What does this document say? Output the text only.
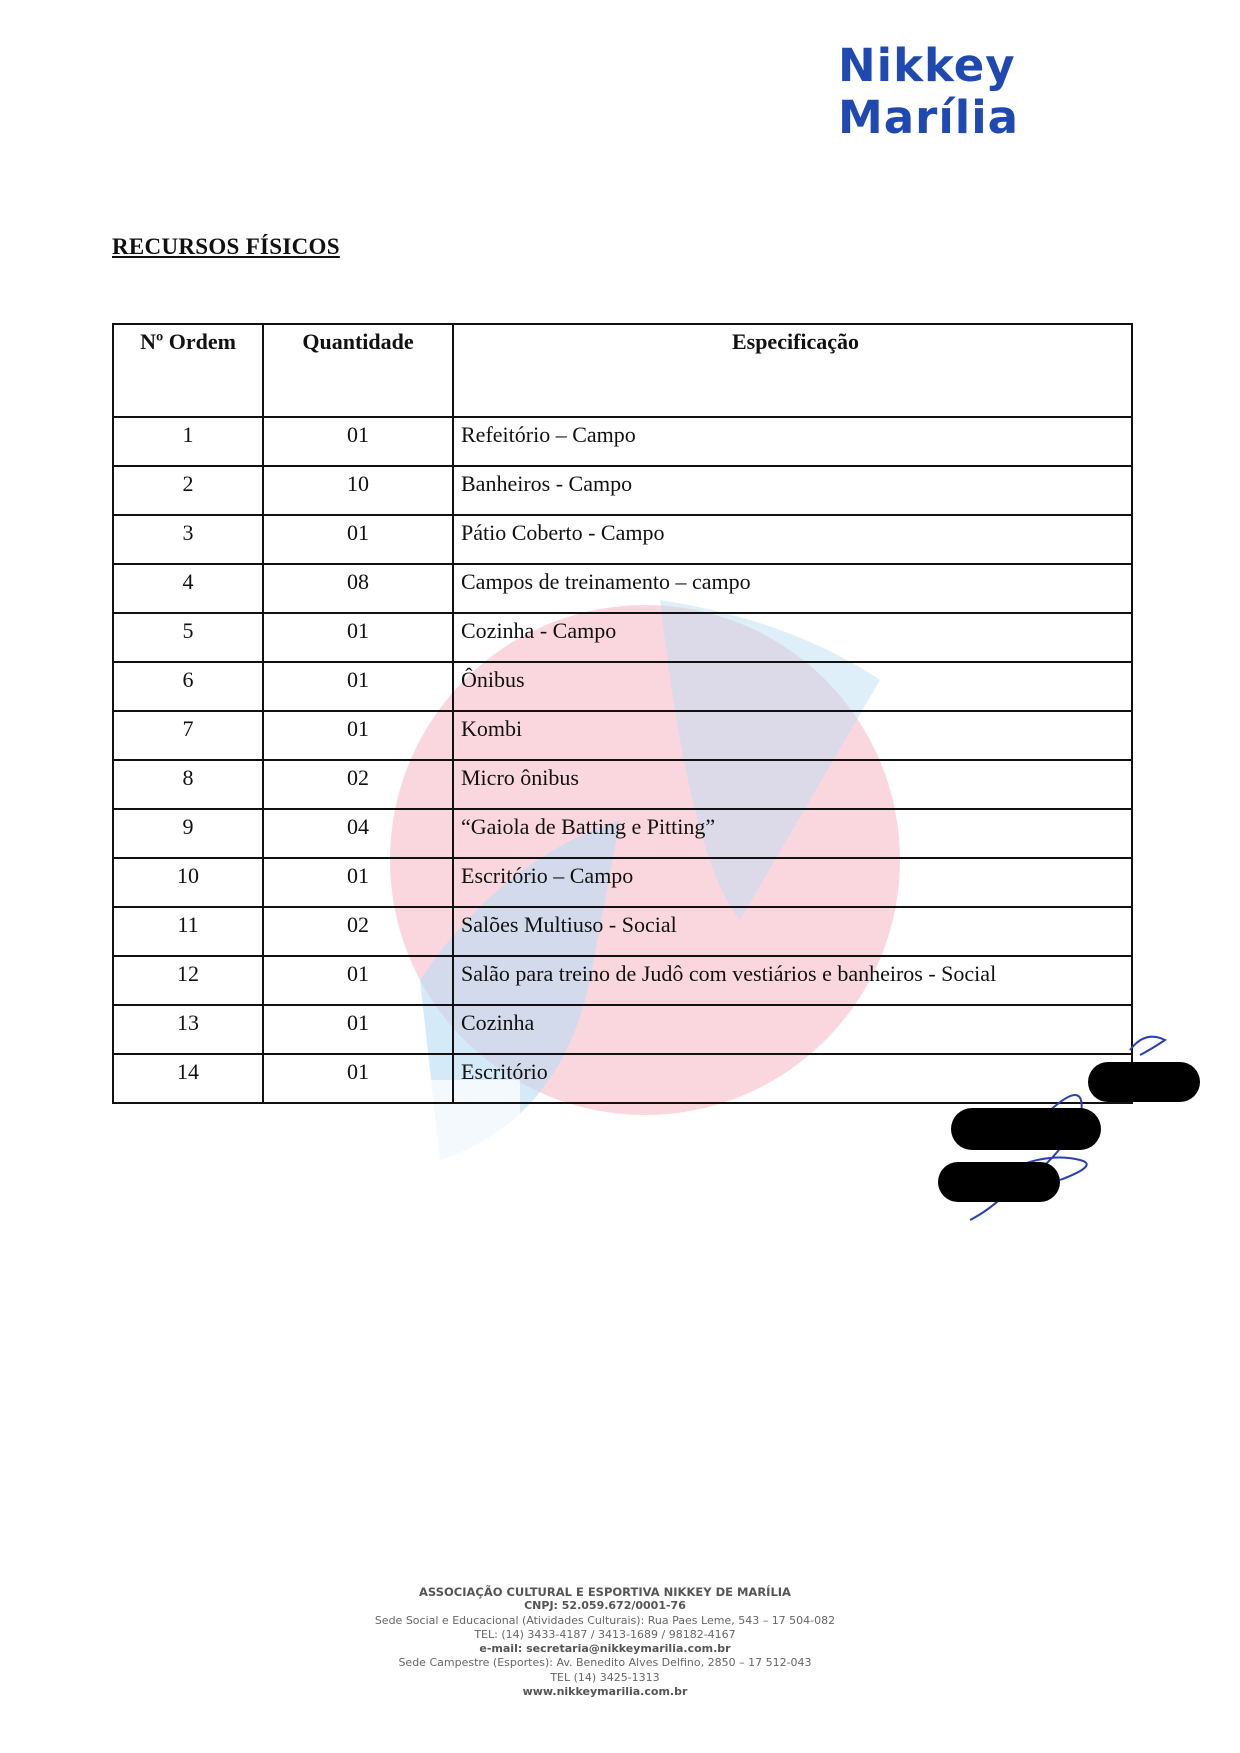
Nikkey
Marília
RECURSOS FÍSICOS
Nº Ordem	Quantidade	Especificação
1	01	Refeitório – Campo
2	10	Banheiros - Campo
3	01	Pátio Coberto - Campo
4	08	Campos de treinamento – campo
5	01	Cozinha - Campo
6	01	Ônibus
7	01	Kombi
8	02	Micro ônibus
9	04	“Gaiola de Batting e Pitting”
10	01	Escritório – Campo
11	02	Salões Multiuso - Social
12	01	Salão para treino de Judô com vestiários e banheiros - Social
13	01	Cozinha
14	01	Escritório
ASSOCIAÇÃO CULTURAL E ESPORTIVA NIKKEY DE MARÍLIA
CNPJ: 52.059.672/0001-76
Sede Social e Educacional (Atividades Culturais): Rua Paes Leme, 543 – 17 504-082
TEL: (14) 3433-4187 / 3413-1689 / 98182-4167
e-mail: secretaria@nikkeymarilia.com.br
Sede Campestre (Esportes): Av. Benedito Alves Delfino, 2850 – 17 512-043
TEL (14) 3425-1313
www.nikkeymarilia.com.br
